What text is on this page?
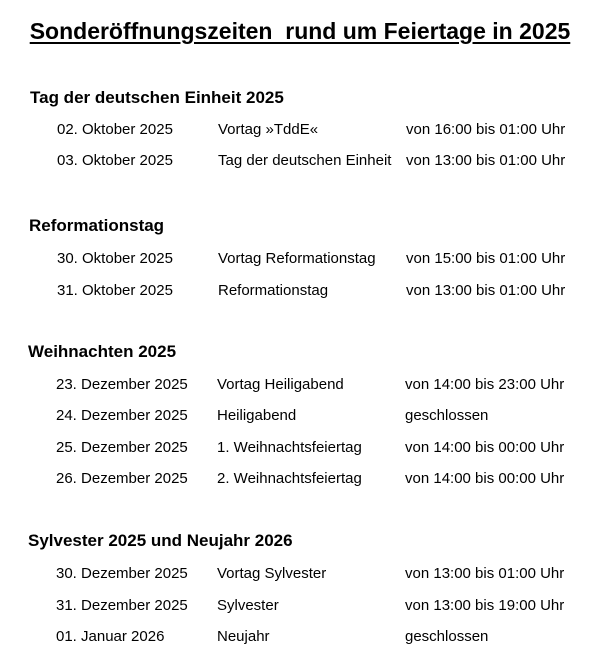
Sonderöffnungszeiten  rund um Feiertage in 2025
Tag der deutschen Einheit 2025
02. Oktober 2025	Vortag »TddE«	von 16:00 bis 01:00 Uhr
03. Oktober 2025	Tag der deutschen Einheit von 13:00 bis 01:00 Uhr
Reformationstag
30. Oktober 2025	Vortag Reformationstag von 15:00 bis 01:00 Uhr
31. Oktober 2025	Reformationstag	von 13:00 bis 01:00 Uhr
Weihnachten 2025
23. Dezember 2025 Vortag Heiligabend	von 14:00 bis 23:00 Uhr
24. Dezember 2025 Heiligabend	geschlossen
25. Dezember 2025 1. Weihnachtsfeiertag	von 14:00 bis 00:00 Uhr
26. Dezember 2025 2. Weihnachtsfeiertag	von 14:00 bis 00:00 Uhr
Sylvester 2025 und Neujahr 2026
30. Dezember 2025 Vortag Sylvester	von 13:00 bis 01:00 Uhr
31. Dezember 2025 Sylvester	von 13:00 bis 19:00 Uhr
01. Januar 2026	Neujahr	geschlossen
